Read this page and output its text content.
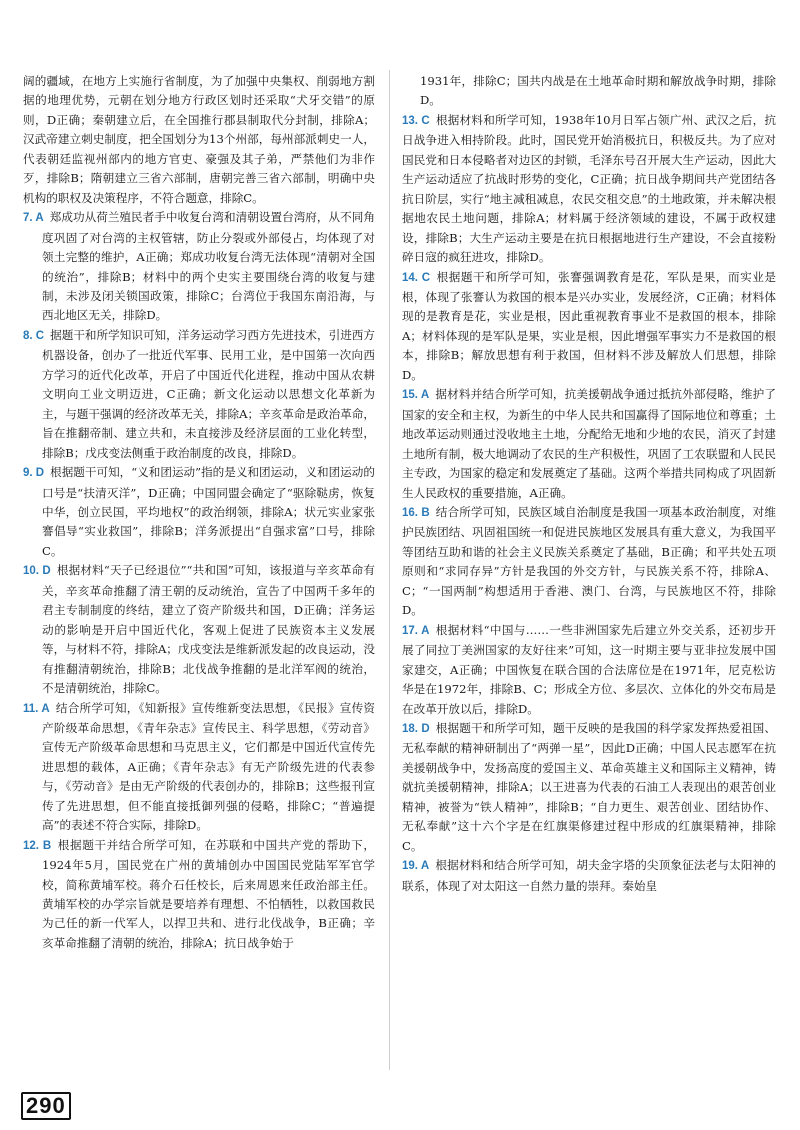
阔的疆域，在地方上实施行省制度，为了加强中央集权、削弱地方割据的地理优势，元朝在划分地方行政区划时还采取“犬牙交错”的原则，D正确；秦朝建立后，在全国推行郡县制取代分封制，排除A；汉武帝建立刺史制度，把全国划分为13个州部，每州部派刺史一人，代表朝廷监视州部内的地方官吏、豪强及其子弟，严禁他们为非作歹，排除B；隋朝建立三省六部制，唐朝完善三省六部制，明确中央机构的职权及决策程序，不符合题意，排除C。

7. A 郑成功从荷兰殖民者手中收复台湾和清朝设置台湾府，从不同角度巩固了对台湾的主权管辖，防止分裂或外部侵占，均体现了对领土完整的维护，A正确；郑成功收复台湾无法体现“清朝对全国的统治”，排除B；材料中的两个史实主要围绕台湾的收复与建制，未涉及闭关锁国政策，排除C；台湾位于我国东南沿海，与西北地区无关，排除D。

8. C 据题干和所学知识可知，洋务运动学习西方先进技术，引进西方机器设备，创办了一批近代军事、民用工业，是中国第一次向西方学习的近代化改革，开启了中国近代化进程，推动中国从农耕文明向工业文明迈进，C正确；新文化运动以思想文化革新为主，与题干强调的经济改革无关，排除A；辛亥革命是政治革命，旨在推翻帝制、建立共和，未直接涉及经济层面的工业化转型，排除B；戊戌变法侧重于政治制度的改良，排除D。

9. D 根据题干可知，“义和团运动”指的是义和团运动，义和团运动的口号是“扶清灭洋”，D正确；中国同盟会确定了“驱除鞑虏，恢复中华，创立民国，平均地权”的政治纲领，排除A；状元实业家张謇倡导“实业救国”，排除B；洋务派提出“自强求富”口号，排除C。

10. D 根据材料“天子已经退位”“共和国”可知，该报道与辛亥革命有关，辛亥革命推翻了清王朝的反动统治，宣告了中国两千多年的君主专制制度的终结，建立了资产阶级共和国，D正确；洋务运动的影响是开启中国近代化，客观上促进了民族资本主义发展等，与材料不符，排除A；戊戌变法是维新派发起的改良运动，没有推翻清朝统治，排除B；北伐战争推翻的是北洋军阀的统治，不是清朝统治，排除C。

11. A 结合所学可知，《知新报》宣传维新变法思想，《民报》宣传资产阶级革命思想，《青年杂志》宣传民主、科学思想，《劳动音》宣传无产阶级革命思想和马克思主义，它们都是中国近代宣传先进思想的载体，A正确；《青年杂志》有无产阶级先进的代表参与，《劳动音》是由无产阶级的代表创办的，排除B；这些报刊宣传了先进思想，但不能直接抵御列强的侵略，排除C；“普遍提高”的表述不符合实际，排除D。

12. B 根据题干并结合所学可知，在苏联和中国共产党的帮助下，1924年5月，国民党在广州的黄埔创办中国国民党陆军军官学校，简称黄埔军校。蒋介石任校长，后来周恩来任政治部主任。黄埔军校的办学宗旨就是要培养有理想、不怕牺牲，以救国救民为己任的新一代军人，以捍卫共和、进行北伐战争，B正确；辛亥革命推翻了清朝的统治，排除A；抗日战争始于

1931年，排除C；国共内战是在土地革命时期和解放战争时期，排除D。

13. C 根据材料和所学可知，1938年10月日军占领广州、武汉之后，抗日战争进入相持阶段。此时，国民党开始消极抗日，积极反共。为了应对国民党和日本侵略者对边区的封锁，毛泽东号召开展大生产运动，因此大生产运动适应了抗战时形势的变化，C正确；抗日战争期间共产党团结各抗日阶层，实行“地主减租减息，农民交租交息”的土地政策，并未解决根据地农民土地问题，排除A；材料属于经济领域的建设，不属于政权建设，排除B；大生产运动主要是在抗日根据地进行生产建设，不会直接粉碎日寇的疯狂进攻，排除D。

14. C 根据题干和所学可知，张謇强调教育是花，军队是果，而实业是根，体现了张謇认为救国的根本是兴办实业，发展经济，C正确；材料体现的是教育是花，实业是根，因此重视教育事业不是救国的根本，排除A；材料体现的是军队是果，实业是根，因此增强军事实力不是救国的根本，排除B；解放思想有利于救国，但材料不涉及解放人们思想，排除D。

15. A 据材料并结合所学可知，抗美援朝战争通过抵抗外部侵略，维护了国家的安全和主权，为新生的中华人民共和国赢得了国际地位和尊重；土地改革运动则通过没收地主土地，分配给无地和少地的农民，消灭了封建土地所有制，极大地调动了农民的生产积极性，巩固了工农联盟和人民民主专政，为国家的稳定和发展奠定了基础。这两个举措共同构成了巩固新生人民政权的重要措施，A正确。

16. B 结合所学可知，民族区域自治制度是我国一项基本政治制度，对维护民族团结、巩固祖国统一和促进民族地区发展具有重大意义，为我国平等团结互助和谐的社会主义民族关系奠定了基础，B正确；和平共处五项原则和“求同存异”方针是我国的外交方针，与民族关系不符，排除A、C；“一国两制”构想适用于香港、澳门、台湾，与民族地区不符，排除D。

17. A 根据材料“中国与……一些非洲国家先后建立外交关系，还初步开展了同拉丁美洲国家的友好往来”可知，这一时期主要与亚非拉发展中国家建交，A正确；中国恢复在联合国的合法席位是在1971年，尼克松访华是在1972年，排除B、C；形成全方位、多层次、立体化的外交布局是在改革开放以后，排除D。

18. D 根据题干和所学可知，题干反映的是我国的科学家发挥热爱祖国、无私奉献的精神研制出了“两弹一星”，因此D正确；中国人民志愿军在抗美援朝战争中，发扬高度的爱国主义、革命英雄主义和国际主义精神，铸就抗美援朝精神，排除A；以王进喜为代表的石油工人表现出的艰苦创业精神，被誉为“铁人精神”，排除B；“自力更生、艰苦创业、团结协作、无私奉献”这十六个字是在红旗渠修建过程中形成的红旗渠精神，排除C。

19. A 根据材料和结合所学可知，胡夫金字塔的尖顶象征法老与太阳神的联系，体现了对太阳这一自然力量的崇拜。秦始皇

290
